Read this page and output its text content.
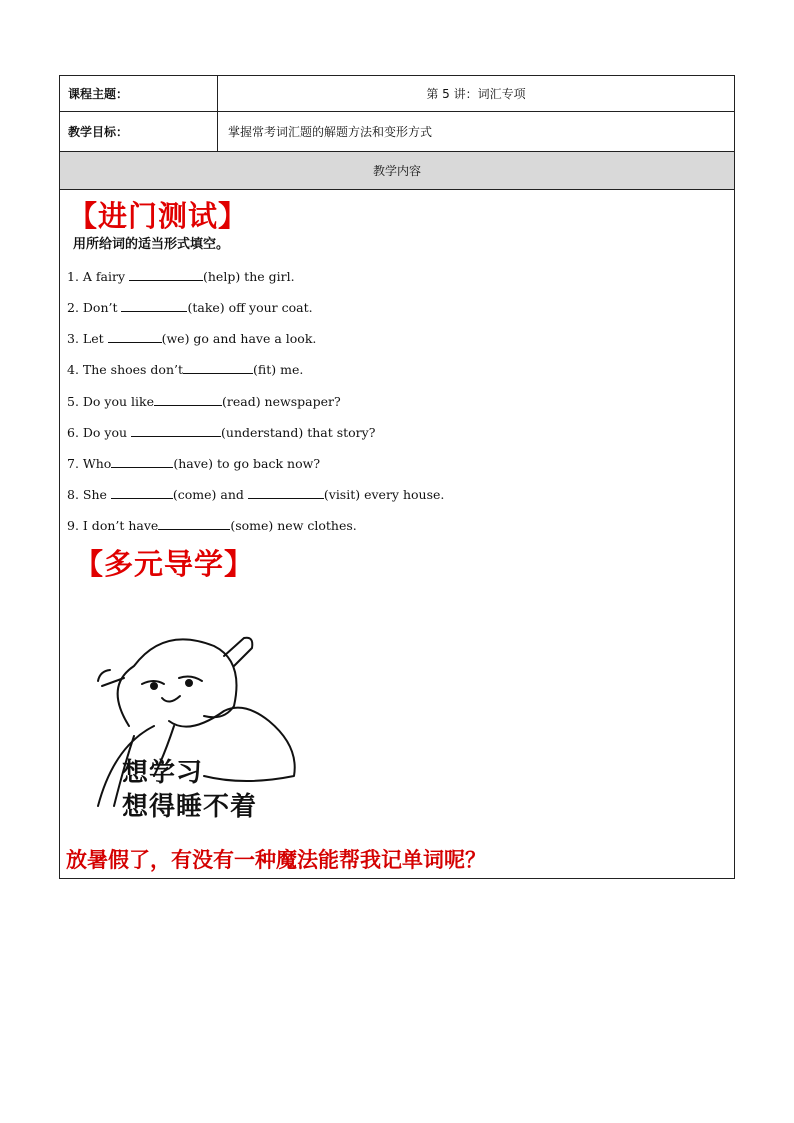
课程主题：	第 5 讲：词汇专项
教学目标：	掌握常考词汇题的解题方法和变形方式
教学内容
【进门测试】
用所给词的适当形式填空。
1. A fairy	(help) the girl.
2. Don’t	(take) off your coat.
3. Let	(we) go and have a look.
4. The shoes don’t	(fit) me.
5. Do you like	(read) newspaper?
6. Do you	(understand) that story?
7. Who	(have) to go back now?
8. She	(come) and	(visit) every house.
9. I don’t have	(some) new clothes.
【多元导学】
想学习
想得睡不着
放暑假了，有没有一种魔法能帮我记单词呢？
